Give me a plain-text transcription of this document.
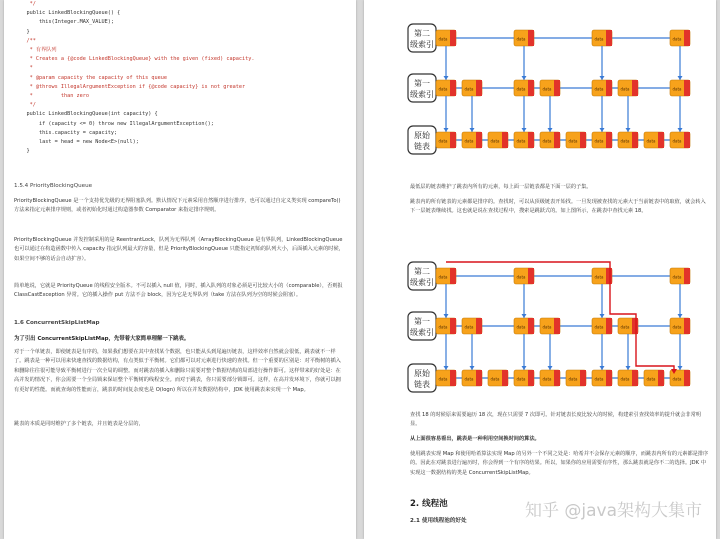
*/
public LinkedBlockingQueue() {
this(Integer.MAX_VALUE);
}
/**
* 有界队列
* Creates a {@code LinkedBlockingQueue} with the given (fixed) capacity.
*
* @param capacity the capacity of this queue
* @throws IllegalArgumentException if {@code capacity} is not greater
*         than zero
*/
public LinkedBlockingQueue(int capacity) {
if (capacity <= 0) throw new IllegalArgumentException();
this.capacity = capacity;
last = head = new Node<E>(null);
}
1.5.4 PriorityBlockingQueue
PriorityBlockingQueue 是一个支持优先级的无界阻塞队列。默认情况下元素采用自然顺序进行排序，也可以通过自定义类实现 compareTo() 方法来指定元素排序规则，或者初始化时通过构造器参数 Comparator 来指定排序规则。
PriorityBlockingQueue 并发控制采用的是 ReentrantLock，队列为无界队列（ArrayBlockingQueue 是有界队列，LinkedBlockingQueue 也可以通过在构造函数中传入 capacity 指定队列最大的容量，但是 PriorityBlockingQueue 只能指定初始的队列大小，后面插入元素的时候，如果空间不够的话会自动扩容）。
简单地说，它就是 PriorityQueue 的线程安全版本。不可以插入 null 值，同时，插入队列的对象必须是可比较大小的（comparable），否则报 ClassCastException 异常。它的插入操作 put 方法不会 block，因为它是无界队列（take 方法在队列为空的时候会阻塞）。
1.6 ConcurrentSkipListMap
为了引出 ConcurrentSkipListMap，先带着大家简单理解一下跳表。
对于一个单链表，即使链表是有序的，如果我们想要在其中查找某个数据，也只能从头到尾遍历链表，这样效率自然就会很低，跳表就不一样了。跳表是一种可以用来快速查找的数据结构，有点类似于平衡树。它们都可以对元素进行快速的查找。但一个重要的区别是：对平衡树的插入和删除往往很可能导致平衡树进行一次全局的调整。而对跳表的插入和删除只需要对整个数据结构的局部进行操作即可。这样带来的好处是：在高并发的情况下，你会需要一个全局锁来保证整个平衡树的线程安全。而对于跳表，你只需要部分锁即可。这样，在高并发环境下，你就可以拥有更好的性能。而就查询的性能而言，跳表的时间复杂度也是 O(logn) 所以在并发数据结构中，JDK 使用跳表来实现一个 Map。
跳表的本质是同时维护了多个链表，并且链表是分层的，
第二
级索引
data	data	data	data
第一
级索引
data	data	data	data	data	data	data
原始
链表
data	data	data	data	data	data	data	data	data	data
最低层的链表维护了跳表内所有的元素，每上面一层链表都是下面一层的子集。
跳表内的所有链表的元素都是排序的。查找时，可以从顶级链表开始找。一旦发现被查找的元素大于当前链表中的取值，就会转入下一层链表继续找。这也就是说在查找过程中，搜索是跳跃式的。如上图所示，在跳表中查找元素 18。
第二
级索引
data	data	data	data
第一
级索引
data	data	data	data	data	data	data
原始
链表
data	data	data	data	data	data	data	data	data	data
查找 18 的时候原来需要遍历 18 次，现在只需要 7 次即可。针对链表长度比较大的时候，构建索引查找效率的提升就会非常明显。
从上面很容易看出，跳表是一种利用空间换时间的算法。
使用跳表实现 Map 和使用哈希算法实现 Map 的另外一个不同之处是：哈希并不会保存元素的顺序，而跳表内所有的元素都是排序的。因此在对跳表进行遍历时，你会得到一个有序的结果。所以，如果你的应用需要有序性，那么跳表就是你不二的选择。JDK 中实现这一数据结构的类是 ConcurrentSkipListMap。
2. 线程池
2.1 使用线程池的好处	知乎 @java架构大集市
